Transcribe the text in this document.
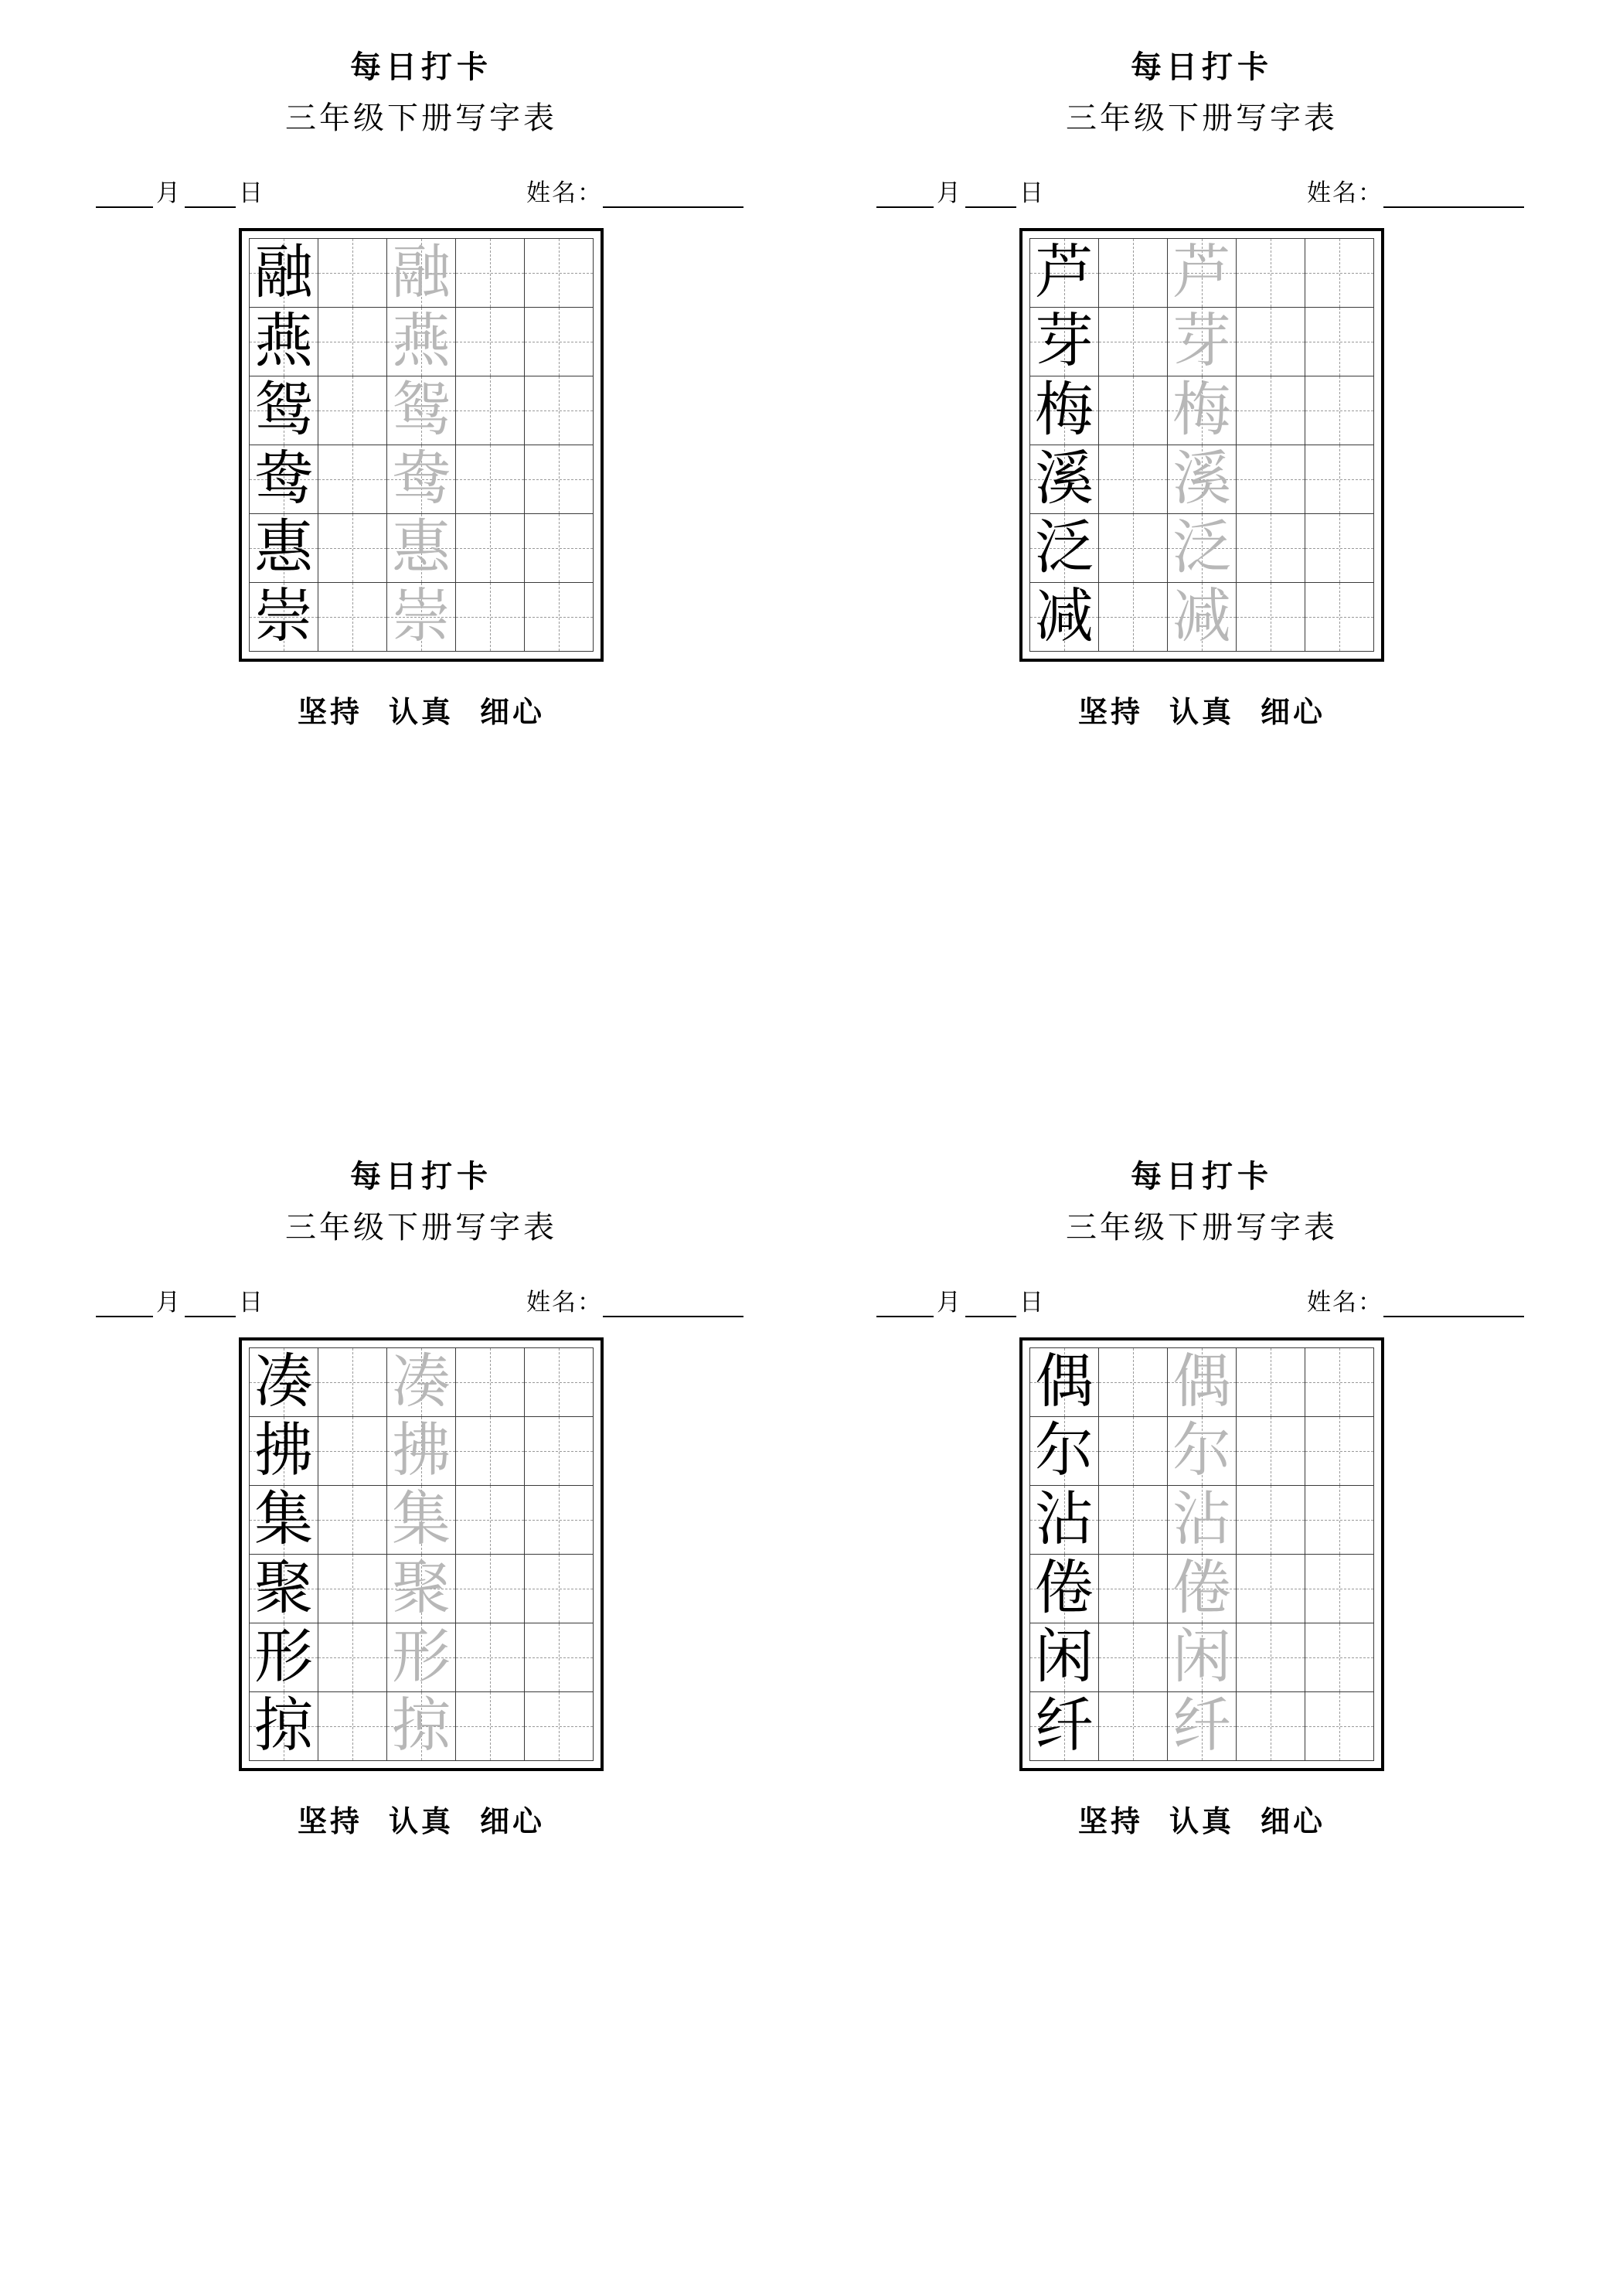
每日打卡
三年级下册写字表
月 日	姓名：
融		融		

燕		燕		

鸳		鸳		

鸯		鸯		

惠		惠		

崇		崇		

坚持 认真 细心
每日打卡
三年级下册写字表
月 日	姓名：
芦		芦		

芽		芽		

梅		梅		

溪		溪		

泛		泛		

减		减		

坚持 认真 细心
每日打卡
三年级下册写字表
月 日	姓名：
凑		凑		

拂		拂		

集		集		

聚		聚		

形		形		

掠		掠		

坚持 认真 细心
每日打卡
三年级下册写字表
月 日	姓名：
偶		偶		

尔		尔		

沾		沾		

倦		倦		

闲		闲		

纤		纤		

坚持 认真 细心
